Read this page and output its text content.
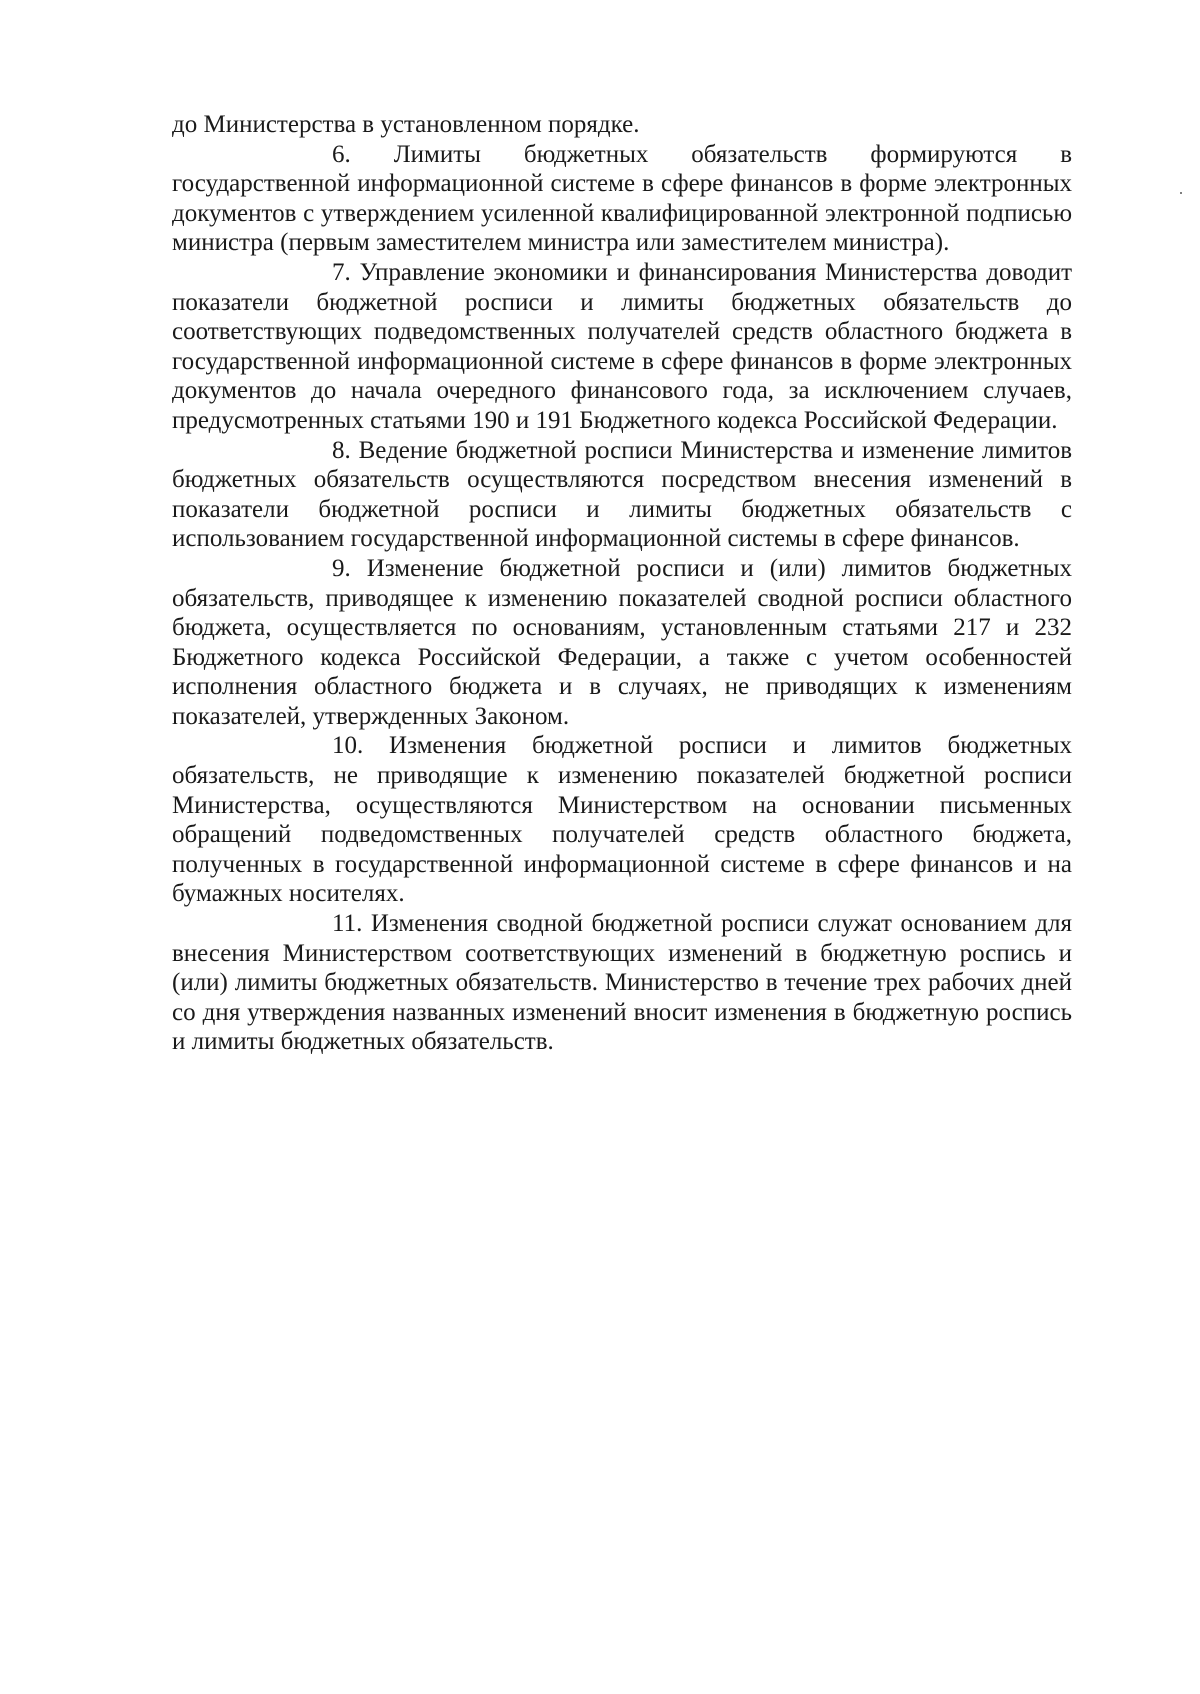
до Министерства в установленном порядке.

6. Лимиты бюджетных обязательств формируются в государственной информационной системе в сфере финансов в форме электронных документов с утверждением усиленной квалифицированной электронной подписью министра (первым заместителем министра или заместителем министра).

7. Управление экономики и финансирования Министерства доводит показатели бюджетной росписи и лимиты бюджетных обязательств до соответствующих подведомственных получателей средств областного бюджета в государственной информационной системе в сфере финансов в форме электронных документов до начала очередного финансового года, за исключением случаев, предусмотренных статьями 190 и 191 Бюджетного кодекса Российской Федерации.

8. Ведение бюджетной росписи Министерства и изменение лимитов бюджетных обязательств осуществляются посредством внесения изменений в показатели бюджетной росписи и лимиты бюджетных обязательств с использованием государственной информационной системы в сфере финансов.

9. Изменение бюджетной росписи и (или) лимитов бюджетных обязательств, приводящее к изменению показателей сводной росписи областного бюджета, осуществляется по основаниям, установленным статьями 217 и 232 Бюджетного кодекса Российской Федерации, а также с учетом особенностей исполнения областного бюджета и в случаях, не приводящих к изменениям показателей, утвержденных Законом.

10. Изменения бюджетной росписи и лимитов бюджетных обязательств, не приводящие к изменению показателей бюджетной росписи Министерства, осуществляются Министерством на основании письменных обращений подведомственных получателей средств областного бюджета, полученных в государственной информационной системе в сфере финансов и на бумажных носителях.

11. Изменения сводной бюджетной росписи служат основанием для внесения Министерством соответствующих изменений в бюджетную роспись и (или) лимиты бюджетных обязательств. Министерство в течение трех рабочих дней со дня утверждения названных изменений вносит изменения в бюджетную роспись и лимиты бюджетных обязательств.
